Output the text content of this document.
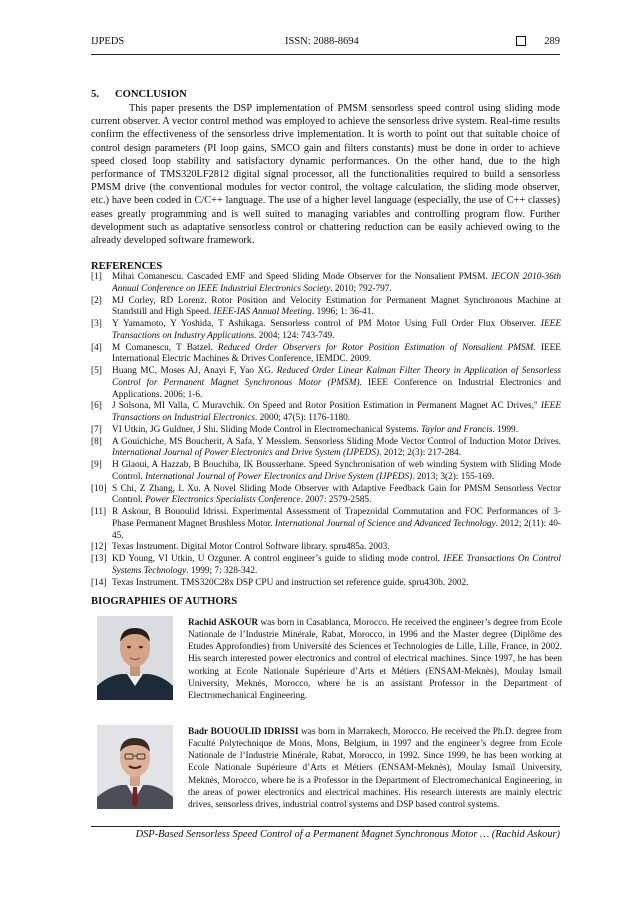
IJPEDS	ISSN: 2088-8694	289
5. CONCLUSION

This paper presents the DSP implementation of PMSM sensorless speed control using sliding mode current observer. A vector control method was employed to achieve the sensorless drive system. Real-time results confirm the effectiveness of the sensorless drive implementation. It is worth to point out that suitable choice of control design parameters (PI loop gains, SMCO gain and filters constants) must be done in order to achieve speed closed loop stability and satisfactory dynamic performances. On the other hand, due to the high performance of TMS320LF2812 digital signal processor, all the functionalities required to build a sensorless PMSM drive (the conventional modules for vector control, the voltage calculation, the sliding mode observer, etc.) have been coded in C/C++ language. The use of a higher level language (especially, the use of C++ classes) eases greatly programming and is well suited to managing variables and controlling program flow. Further development such as adaptative sensorless control or chattering reduction can be easily achieved owing to the already developed software framework.

REFERENCES
[1] Mihai Comanescu. Cascaded EMF and Speed Sliding Mode Observer for the Nonsalient PMSM. IECON 2010-36th Annual Conference on IEEE Industrial Electronics Society. 2010; 792-797.
[2] MJ Corley, RD Lorenz. Rotor Position and Velocity Estimation for Permanent Magnet Synchronous Machine at Standstill and High Speed. IEEE-IAS Annual Meeting. 1996; 1: 36-41.
[3] Y Yamamoto, Y Yoshida, T Ashikaga. Sensorless control of PM Motor Using Full Order Flux Observer. IEEE Transactions on Industry Applications. 2004; 124: 743-749.
[4] M Comanescu, T Batzel. Reduced Order Observers for Rotor Position Estimation of Nonsalient PMSM. IEEE International Electric Machines & Drives Conference, IEMDC. 2009.
[5] Huang MC, Moses AJ, Anayi F, Yao XG. Reduced Order Linear Kalman Filter Theory in Application of Sensorless Control for Permanent Magnet Synchronous Motor (PMSM). IEEE Conference on Industrial Electronics and Applications. 2006; 1-6.
[6] J Solsona, MI Valla, C Muravchik. On Speed and Rotor Position Estimation in Permanent Magnet AC Drives," IEEE Transactions on Industrial Electronics. 2000; 47(5): 1176-1180.
[7] VI Utkin, JG Guldner, J Shi. Sliding Mode Control in Electromechanical Systems. Taylor and Francis. 1999.
[8] A Gouichiche, MS Boucherit, A Safa, Y Messlem. Sensorless Sliding Mode Vector Control of Induction Motor Drives. International Journal of Power Electronics and Drive System (IJPEDS). 2012; 2(3): 217-284.
[9] H Glaoui, A Hazzab, B Bouchiba, IK Bousserhane. Speed Synchronisation of web winding System with Sliding Mode Control. International Journal of Power Electronics and Drive System (IJPEDS). 2013; 3(2): 155-169.
[10] S Chi, Z Zhang, L Xu. A Novel Sliding Mode Observer with Adaptive Feedback Gain for PMSM Sensorless Vector Control. Power Electronics Specialists Conference. 2007: 2579-2585.
[11] R Askour, B Bououlid Idrissi. Experimental Assessment of Trapezoidal Commutation and FOC Performances of 3-Phase Permanent Magnet Brushless Motor. International Journal of Science and Advanced Technology. 2012; 2(11): 40-45.
[12] Texas Instrument. Digital Motor Control Software library. spru485a. 2003.
[13] KD Young, VI Utkin, U Ozguner. A control engineer’s guide to sliding mode control. IEEE Transactions On Control Systems Technology. 1999; 7: 328-342.
[14] Texas Instrument. TMS320C28x DSP CPU and instruction set reference guide. spru430b. 2002.
BIOGRAPHIES OF AUTHORS

Rachid ASKOUR was born in Casablanca, Morocco. He received the engineer’s degree from Ecole Nationale de l’Industrie Minérale, Rabat, Morocco, in 1996 and the Master degree (Diplôme des Etudes Approfondies) from Université des Sciences et Technologies de Lille, Lille, France, in 2002. His search interested power electronics and control of electrical machines. Since 1997, he has been working at Ecole Nationale Supérieure d’Arts et Métiers (ENSAM-Meknès), Moulay Ismaïl University, Meknès, Morocco, where he is an assistant Professor in the Department of Electromechanical Engineering.

Badr BOUOULID IDRISSI was born in Marrakech, Morocco. He received the Ph.D. degree from Faculté Polytechnique de Mons, Mons, Belgium, in 1997 and the engineer’s degree from Ecole Nationale de l’Industrie Minérale, Rabat, Morocco, in 1992. Since 1999, he has been working at Ecole Nationale Supérieure d’Arts et Métiers (ENSAM-Meknès), Moulay Ismaïl University, Meknès, Morocco, where he is a Professor in the Department of Electromechanical Engineering, in the areas of power electronics and electrical machines. His research interests are mainly electric drives, sensorless drives, industrial control systems and DSP based control systems.

DSP-Based Sensorless Speed Control of a Permanent Magnet Synchronous Motor … (Rachid Askour)
